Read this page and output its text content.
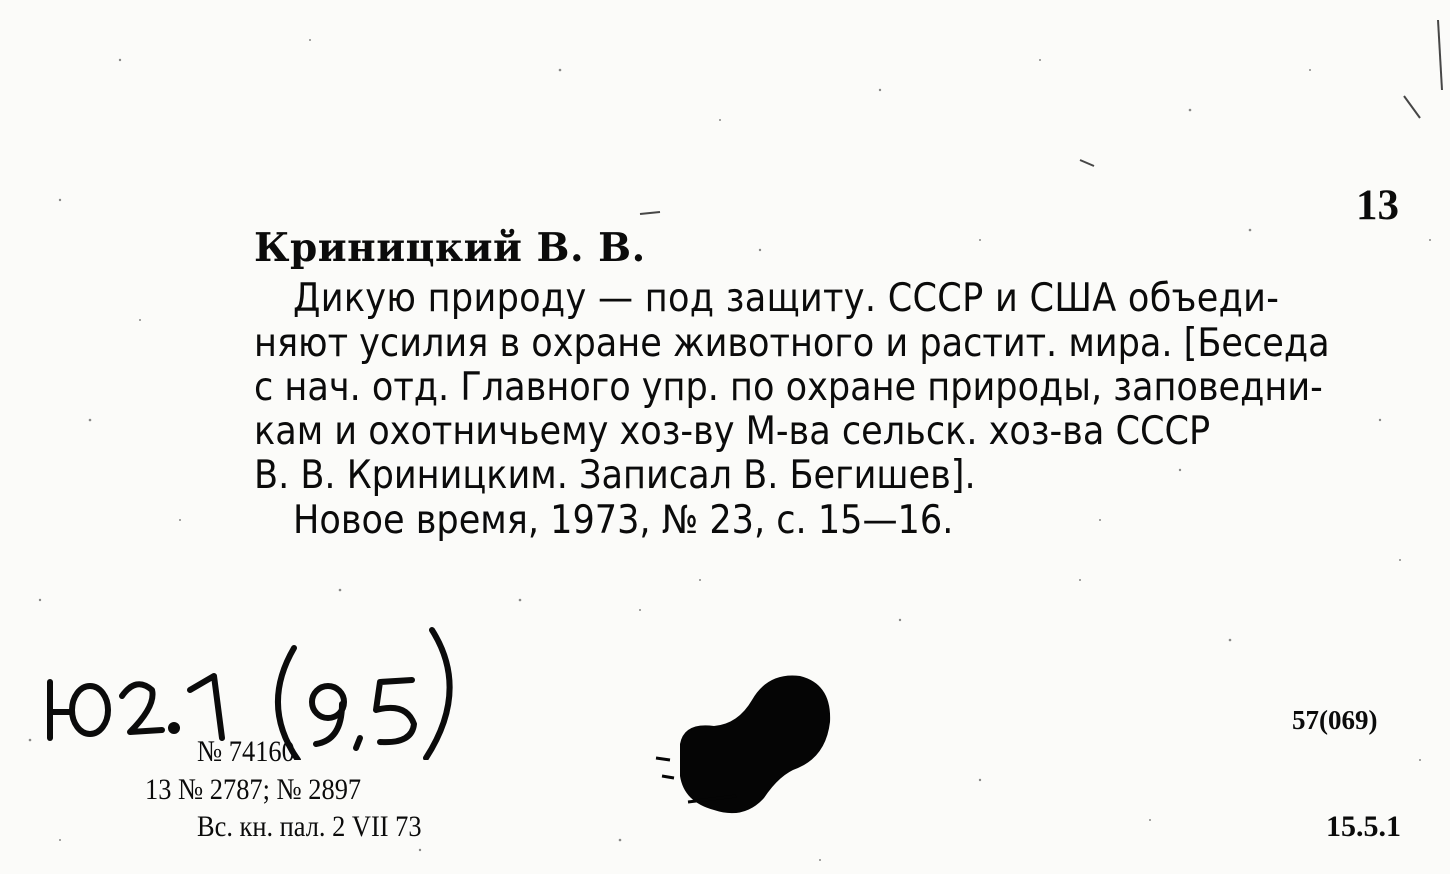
13
Криницкий В. В.
Дикую природу — под защиту. СССР и США объеди-
няют усилия в охране животного и растит. мира. [Беседа
с нач. отд. Главного упр. по охране природы, заповедни-
кам и охотничьему хоз-ву М-ва сельск. хоз-ва СССР
В. В. Криницким. Записал В. Бегишев].
Новое время, 1973, № 23, с. 15—16.
№ 74160
13 № 2787; № 2897
Вс. кн. пал. 2 VII 73
57(069)
15.5.1
